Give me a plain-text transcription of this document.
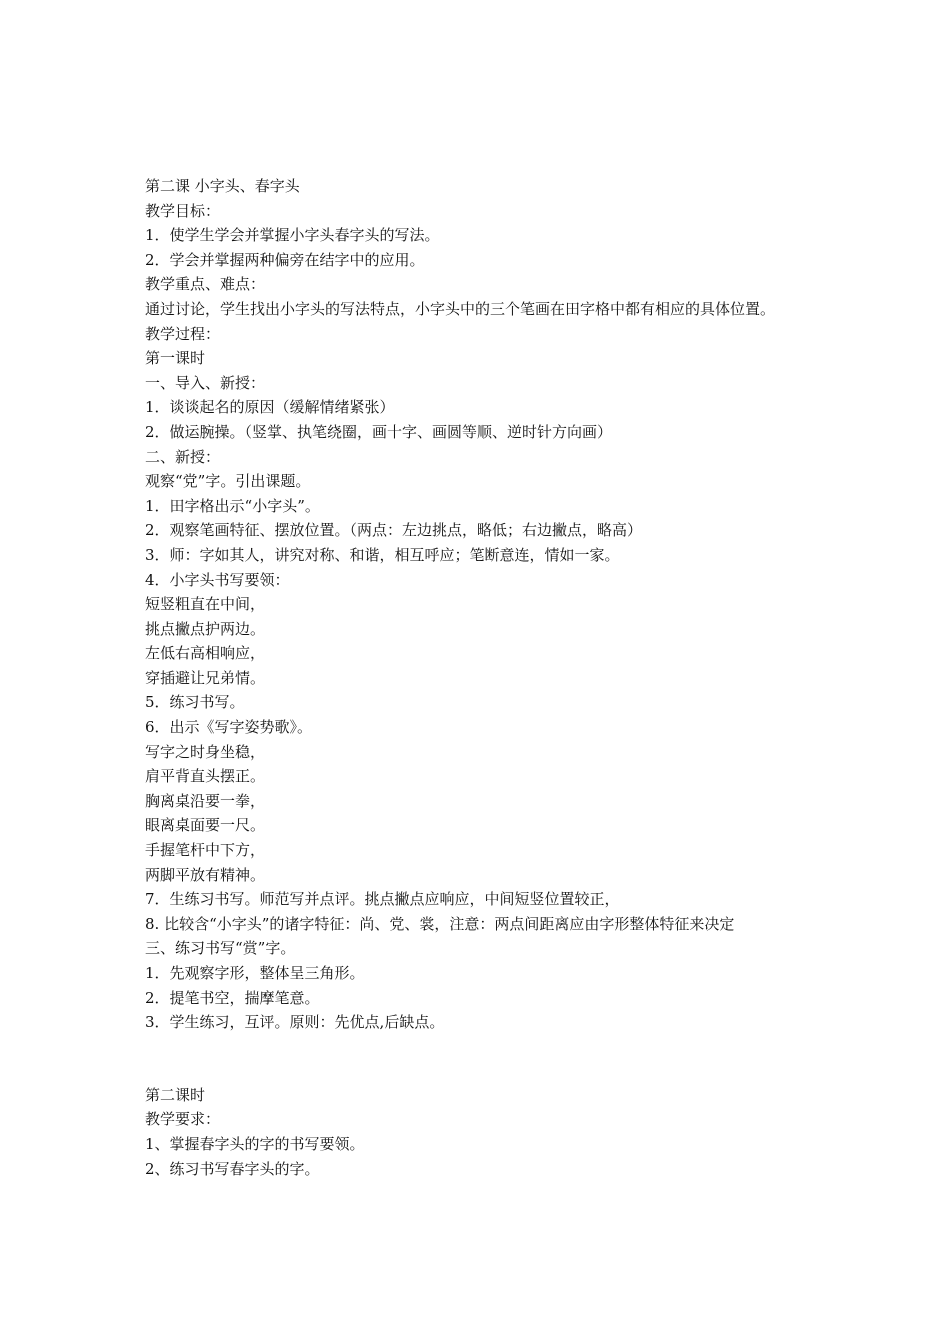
第二课 小字头、春字头

教学目标：

1．使学生学会并掌握小字头春字头的写法。

2．学会并掌握两种偏旁在结字中的应用。

教学重点、难点：

通过讨论，学生找出小字头的写法特点，小字头中的三个笔画在田字格中都有相应的具体位置。

教学过程：

第一课时

一、导入、新授：

1．谈谈起名的原因（缓解情绪紧张）

2．做运腕操。（竖掌、执笔绕圈，画十字、画圆等顺、逆时针方向画）

二、新授：

观察“党”字。引出课题。

1．田字格出示“小字头”。

2．观察笔画特征、摆放位置。（两点：左边挑点，略低；右边撇点，略高）

3．师：字如其人，讲究对称、和谐，相互呼应；笔断意连，情如一家。

4．小字头书写要领：

短竖粗直在中间，

挑点撇点护两边。

左低右高相响应，

穿插避让兄弟情。

5．练习书写。

6．出示《写字姿势歌》。

写字之时身坐稳，

肩平背直头摆正。

胸离桌沿要一拳，

眼离桌面要一尺。

手握笔杆中下方，

两脚平放有精神。

7．生练习书写。师范写并点评。挑点撇点应响应，中间短竖位置较正，

8. 比较含“小字头”的诸字特征：尚、党、裳，注意：两点间距离应由字形整体特征来决定

三、练习书写“赏”字。

1．先观察字形，整体呈三角形。

2．提笔书空，揣摩笔意。

3．学生练习，互评。原则：先优点,后缺点。

第二课时

教学要求：

1、掌握春字头的字的书写要领。

2、练习书写春字头的字。
